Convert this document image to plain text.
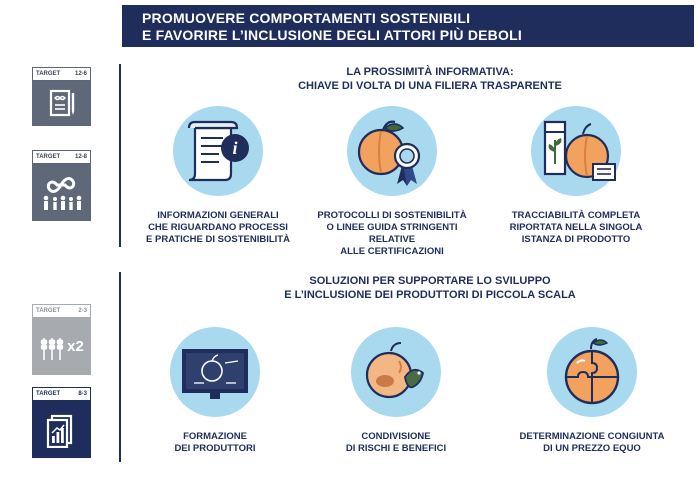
PROMUOVERE COMPORTAMENTI SOSTENIBILI
E FAVORIRE L’INCLUSIONE DEGLI ATTORI PIÙ DEBOLI
TARGET 12-6
TARGET 12-8
TARGET	2-3
x2
TARGET	8-3
LA PROSSIMITÀ INFORMATIVA:
CHIAVE DI VOLTA DI UNA FILIERA TRASPARENTE
i
INFORMAZIONI GENERALI
CHE RIGUARDANO PROCESSI
E PRATICHE DI SOSTENIBILITÀ
PROTOCOLLI DI SOSTENIBILITÀ
O LINEE GUIDA STRINGENTI RELATIVE
ALLE CERTIFICAZIONI
TRACCIABILITÀ COMPLETA
RIPORTATA NELLA SINGOLA
ISTANZA DI PRODOTTO
SOLUZIONI PER SUPPORTARE LO SVILUPPO
E L’INCLUSIONE DEI PRODUTTORI DI PICCOLA SCALA
FORMAZIONE
DEI PRODUTTORI
CONDIVISIONE
DI RISCHI E BENEFICI
DETERMINAZIONE CONGIUNTA
DI UN PREZZO EQUO
